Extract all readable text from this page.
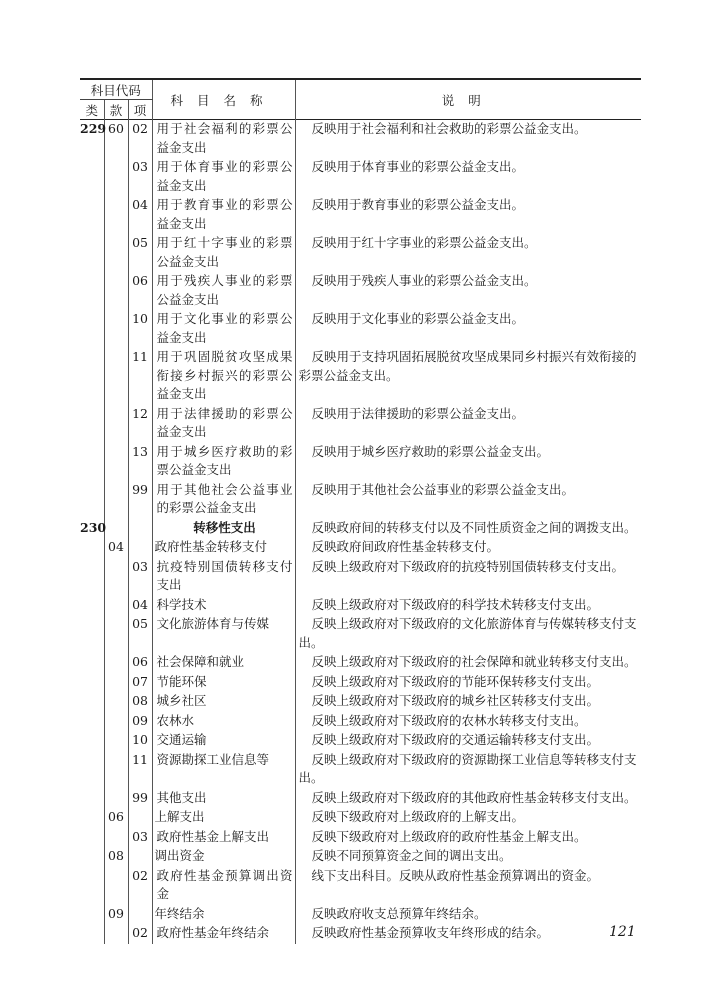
科目代码			科目名称	说明
类	款	项		
229	60	02	用于社会福利的彩票公益金支出	反映用于社会福利和社会救助的彩票公益金支出。
		03	用于体育事业的彩票公益金支出	反映用于体育事业的彩票公益金支出。
		04	用于教育事业的彩票公益金支出	反映用于教育事业的彩票公益金支出。
		05	用于红十字事业的彩票公益金支出	反映用于红十字事业的彩票公益金支出。
		06	用于残疾人事业的彩票公益金支出	反映用于残疾人事业的彩票公益金支出。
		10	用于文化事业的彩票公益金支出	反映用于文化事业的彩票公益金支出。
		11	用于巩固脱贫攻坚成果衔接乡村振兴的彩票公益金支出	反映用于支持巩固拓展脱贫攻坚成果同乡村振兴有效衔接的彩票公益金支出。
		12	用于法律援助的彩票公益金支出	反映用于法律援助的彩票公益金支出。
		13	用于城乡医疗救助的彩票公益金支出	反映用于城乡医疗救助的彩票公益金支出。
		99	用于其他社会公益事业的彩票公益金支出	反映用于其他社会公益事业的彩票公益金支出。
230			转移性支出	反映政府间的转移支付以及不同性质资金之间的调拨支出。
	04		政府性基金转移支付	反映政府间政府性基金转移支付。
		03	抗疫特别国债转移支付支出	反映上级政府对下级政府的抗疫特别国债转移支付支出。
		04	科学技术	反映上级政府对下级政府的科学技术转移支付支出。
		05	文化旅游体育与传媒	反映上级政府对下级政府的文化旅游体育与传媒转移支付支出。
		06	社会保障和就业	反映上级政府对下级政府的社会保障和就业转移支付支出。
		07	节能环保	反映上级政府对下级政府的节能环保转移支付支出。
		08	城乡社区	反映上级政府对下级政府的城乡社区转移支付支出。
		09	农林水	反映上级政府对下级政府的农林水转移支付支出。
		10	交通运输	反映上级政府对下级政府的交通运输转移支付支出。
		11	资源勘探工业信息等	反映上级政府对下级政府的资源勘探工业信息等转移支付支出。
		99	其他支出	反映上级政府对下级政府的其他政府性基金转移支付支出。
	06		上解支出	反映下级政府对上级政府的上解支出。
		03	政府性基金上解支出	反映下级政府对上级政府的政府性基金上解支出。
	08		调出资金	反映不同预算资金之间的调出支出。
		02	政府性基金预算调出资金	线下支出科目。反映从政府性基金预算调出的资金。
	09		年终结余	反映政府收支总预算年终结余。
		02	政府性基金年终结余	反映政府性基金预算收支年终形成的结余。	121
